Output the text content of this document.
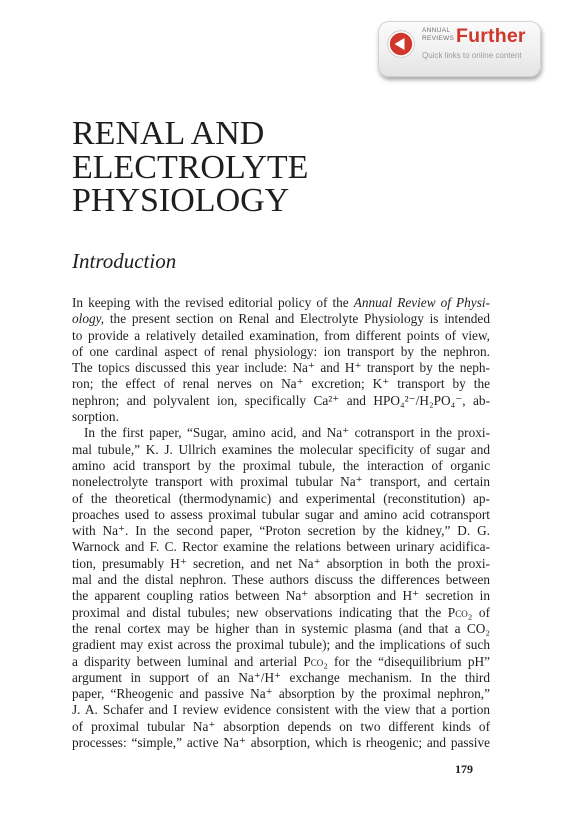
ANNUAL
REVIEWS Further
Quick links to online content
RENAL AND
ELECTROLYTE
PHYSIOLOGY
Introduction
In keeping with the revised editorial policy of the Annual Review of Physi-
ology, the present section on Renal and Electrolyte Physiology is intended
to provide a relatively detailed examination, from different points of view,
of one cardinal aspect of renal physiology: ion transport by the nephron.
The topics discussed this year include: Na⁺ and H⁺ transport by the neph-
ron; the effect of renal nerves on Na⁺ excretion; K⁺ transport by the
nephron; and polyvalent ion, specifically Ca²⁺ and HPO₄²⁻/H₂PO₄⁻, ab-
sorption.
In the first paper, “Sugar, amino acid, and Na⁺ cotransport in the proxi-
mal tubule,” K. J. Ullrich examines the molecular specificity of sugar and
amino acid transport by the proximal tubule, the interaction of organic
nonelectrolyte transport with proximal tubular Na⁺ transport, and certain
of the theoretical (thermodynamic) and experimental (reconstitution) ap-
proaches used to assess proximal tubular sugar and amino acid cotransport
with Na⁺. In the second paper, “Proton secretion by the kidney,” D. G.
Warnock and F. C. Rector examine the relations between urinary acidifica-
tion, presumably H⁺ secretion, and net Na⁺ absorption in both the proxi-
mal and the distal nephron. These authors discuss the differences between
the apparent coupling ratios between Na⁺ absorption and H⁺ secretion in
proximal and distal tubules; new observations indicating that the Pco₂ of
the renal cortex may be higher than in systemic plasma (and that a CO₂
gradient may exist across the proximal tubule); and the implications of such
a disparity between luminal and arterial Pco₂ for the “disequilibrium pH”
argument in support of an Na⁺/H⁺ exchange mechanism. In the third
paper, “Rheogenic and passive Na⁺ absorption by the proximal nephron,”
J. A. Schafer and I review evidence consistent with the view that a portion
of proximal tubular Na⁺ absorption depends on two different kinds of
processes: “simple,” active Na⁺ absorption, which is rheogenic; and passive
179
